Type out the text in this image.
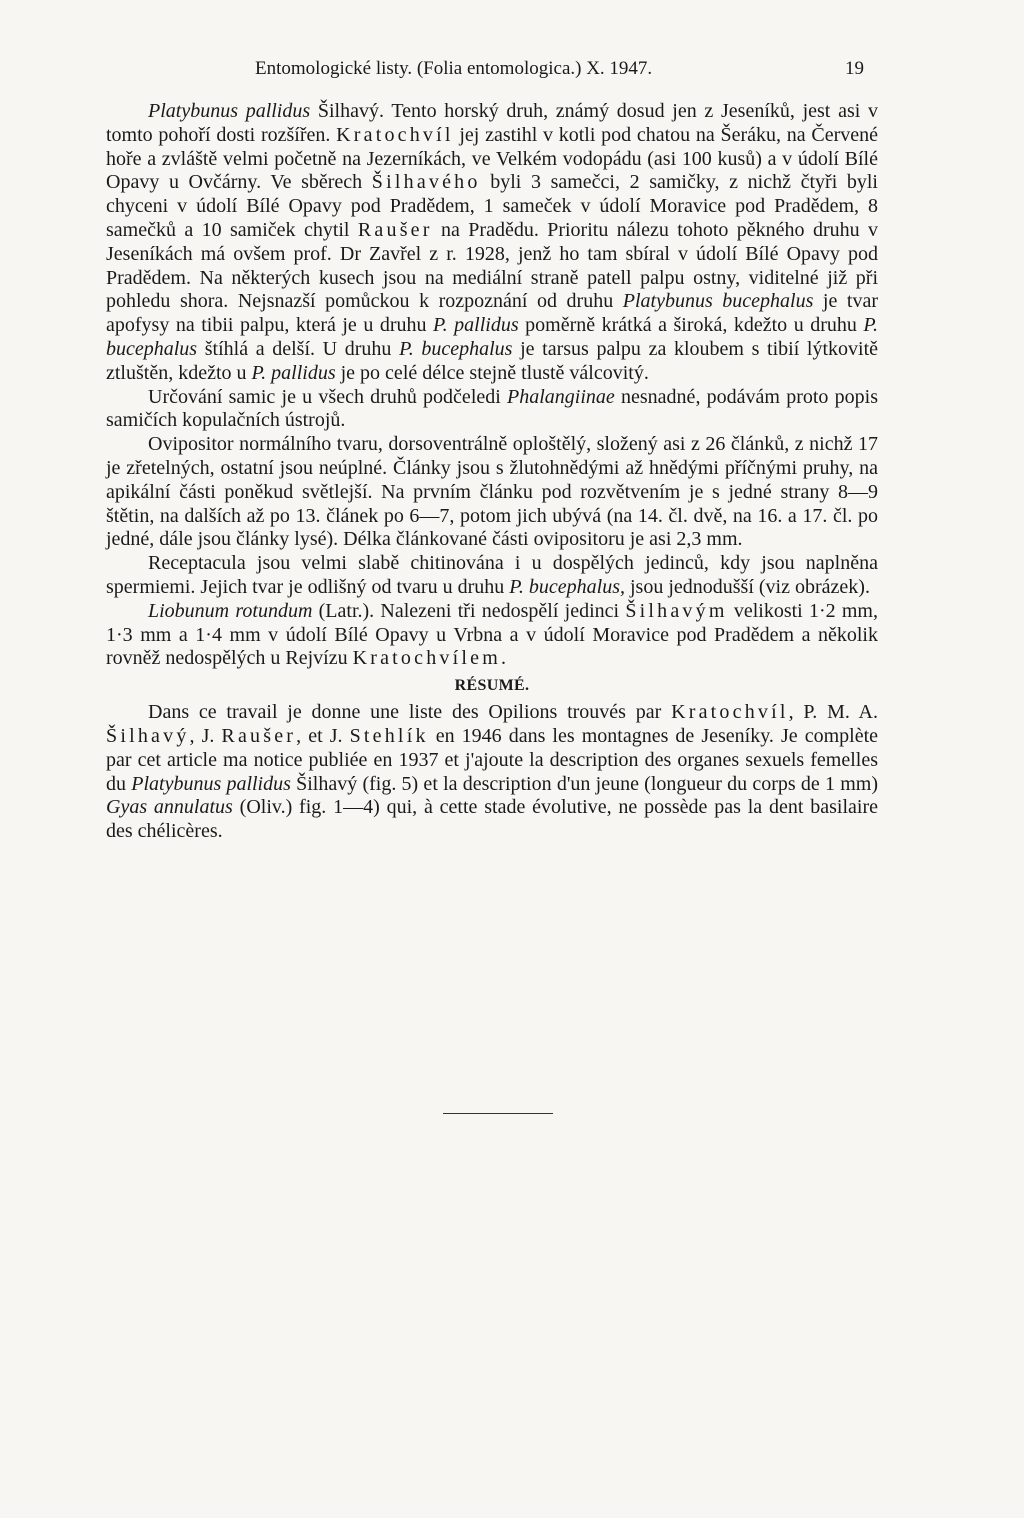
Entomologické listy. (Folia entomologica.) X. 1947.	19

Platybunus pallidus Šilhavý. Tento horský druh, známý dosud jen z Jeseníků, jest asi v tomto pohoří dosti rozšířen. Kratochvíl jej zastihl v kotli pod chatou na Šeráku, na Červené hoře a zvláště velmi početně na Jezerníkách, ve Velkém vodopádu (asi 100 kusů) a v údolí Bílé Opavy u Ovčárny. Ve sběrech Šilhavého byli 3 samečci, 2 samičky, z nichž čtyři byli chyceni v údolí Bílé Opavy pod Pradědem, 1 sameček v údolí Moravice pod Pradědem, 8 samečků a 10 samiček chytil Raušer na Pradědu. Prioritu nálezu tohoto pěkného druhu v Jeseníkách má ovšem prof. Dr Zavřel z r. 1928, jenž ho tam sbíral v údolí Bílé Opavy pod Pradědem. Na některých kusech jsou na mediální straně patell palpu ostny, viditelné již při pohledu shora. Nejsnazší pomůckou k rozpoznání od druhu Platybunus bucephalus je tvar apofysy na tibii palpu, která je u druhu P. pallidus poměrně krátká a široká, kdežto u druhu P. bucephalus štíhlá a delší. U druhu P. bucephalus je tarsus palpu za kloubem s tibií lýtkovitě ztluštěn, kdežto u P. pallidus je po celé délce stejně tlustě válcovitý.

Určování samic je u všech druhů podčeledi Phalangiinae nesnadné, podávám proto popis samičích kopulačních ústrojů.

Ovipositor normálního tvaru, dorsoventrálně oploštělý, složený asi z 26 článků, z nichž 17 je zřetelných, ostatní jsou neúplné. Články jsou s žlutohnědými až hnědými příčnými pruhy, na apikální části poněkud světlejší. Na prvním článku pod rozvětvením je s jedné strany 8—9 štětin, na dalších až po 13. článek po 6—7, potom jich ubývá (na 14. čl. dvě, na 16. a 17. čl. po jedné, dále jsou články lysé). Délka článkované části ovipositoru je asi 2,3 mm.

Receptacula jsou velmi slabě chitinována i u dospělých jedinců, kdy jsou naplněna spermiemi. Jejich tvar je odlišný od tvaru u druhu P. bucephalus, jsou jednodušší (viz obrázek).

Liobunum rotundum (Latr.). Nalezeni tři nedospělí jedinci Šilhavým velikosti 1·2 mm, 1·3 mm a 1·4 mm v údolí Bílé Opavy u Vrbna a v údolí Moravice pod Pradědem a několik rovněž nedospělých u Rejvízu Kratochvílem.

RÉSUMÉ.

Dans ce travail je donne une liste des Opilions trouvés par Kratochvíl, P. M. A. Šilhavý, J. Raušer, et J. Stehlík en 1946 dans les montagnes de Jeseníky. Je complète par cet article ma notice publiée en 1937 et j'ajoute la description des organes sexuels femelles du Platybunus pallidus Šilhavý (fig. 5) et la description d'un jeune (longueur du corps de 1 mm) Gyas annulatus (Oliv.) fig. 1—4) qui, à cette stade évolutive, ne possède pas la dent basilaire des chélicères.
